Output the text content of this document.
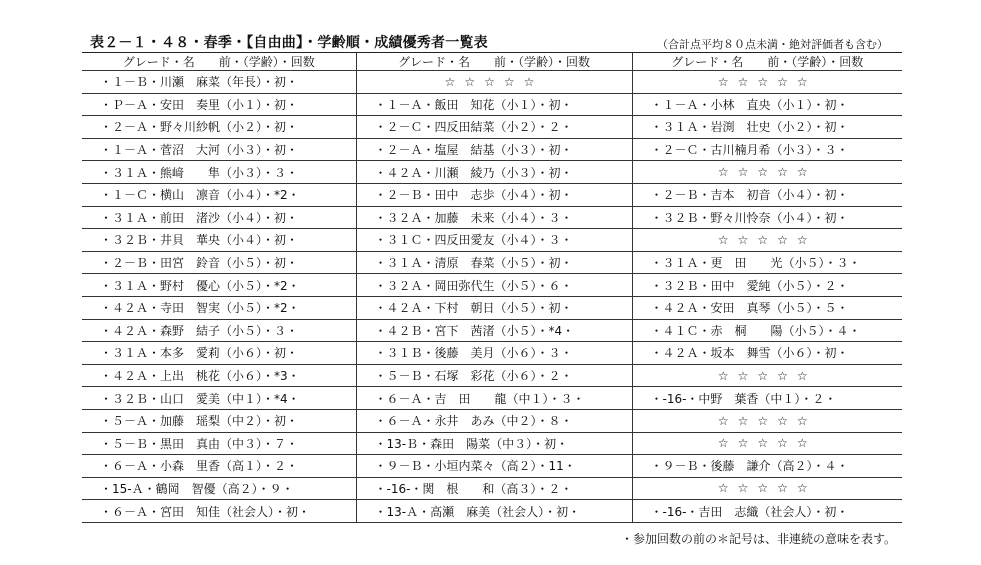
表２－１・４８・春季・【自由曲】・学齢順・成績優秀者一覧表	（合計点平均８０点未満・絶対評価者も含む）
グレード・名　　前・（学齢）・回数	グレード・名　　前・（学齢）・回数	グレード・名　　前・（学齢）・回数
・１－Ｂ・川瀬　麻菜（年長）・初・	☆☆☆☆☆	☆☆☆☆☆
・Ｐ－Ａ・安田　奏里（小１）・初・	・１－Ａ・飯田　知花（小１）・初・	・１－Ａ・小林　直央（小１）・初・
・２－Ａ・野々川紗帆（小２）・初・	・２－Ｃ・四反田結菜（小２）・２・	・３１Ａ・岩渕　壮史（小２）・初・
・１－Ａ・菅沼　大河（小３）・初・	・２－Ａ・塩屋　結基（小３）・初・	・２－Ｃ・古川楠月希（小３）・３・
・３１Ａ・熊﨑　　隼（小３）・３・	・４２Ａ・川瀬　綾乃（小３）・初・	☆☆☆☆☆
・１－Ｃ・横山　凛音（小４）・*2・	・２－Ｂ・田中　志歩（小４）・初・	・２－Ｂ・吉本　初音（小４）・初・
・３１Ａ・前田　渚沙（小４）・初・	・３２Ａ・加藤　未来（小４）・３・	・３２Ｂ・野々川怜奈（小４）・初・
・３２Ｂ・井貝　華央（小４）・初・	・３１Ｃ・四反田愛友（小４）・３・	☆☆☆☆☆
・２－Ｂ・田宮　鈴音（小５）・初・	・３１Ａ・清原　春菜（小５）・初・	・３１Ａ・更　田　　光（小５）・３・
・３１Ａ・野村　優心（小５）・*2・	・３２Ａ・岡田弥代生（小５）・６・	・３２Ｂ・田中　愛純（小５）・２・
・４２Ａ・寺田　智実（小５）・*2・	・４２Ａ・下村　朝日（小５）・初・	・４２Ａ・安田　真琴（小５）・５・
・４２Ａ・森野　結子（小５）・３・	・４２Ｂ・宮下　茜渚（小５）・*4・	・４１Ｃ・赤　桐　　陽（小５）・４・
・３１Ａ・本多　愛莉（小６）・初・	・３１Ｂ・後藤　美月（小６）・３・	・４２Ａ・坂本　舞雪（小６）・初・
・４２Ａ・上出　桃花（小６）・*3・	・５－Ｂ・石塚　彩花（小６）・２・	☆☆☆☆☆
・３２Ｂ・山口　愛美（中１）・*4・	・６－Ａ・吉　田　　龍（中１）・３・	・-16-・中野　葉香（中１）・２・
・５－Ａ・加藤　瑶梨（中２）・初・	・６－Ａ・永井　あみ（中２）・８・	☆☆☆☆☆
・５－Ｂ・黒田　真由（中３）・７・	・13-Ｂ・森田　陽菜（中３）・初・	☆☆☆☆☆
・６－Ａ・小森　里香（高１）・２・	・９－Ｂ・小垣内菜々（高２）・11・	・９－Ｂ・後藤　謙介（高２）・４・
・15-Ａ・鶴岡　智優（高２）・９・	・-16-・関　根　　和（高３）・２・	☆☆☆☆☆
・６－Ａ・宮田　知佳（社会人）・初・	・13-Ａ・高瀬　麻美（社会人）・初・	・-16-・吉田　志織（社会人）・初・
・参加回数の前の＊記号は、非連続の意味を表す。
